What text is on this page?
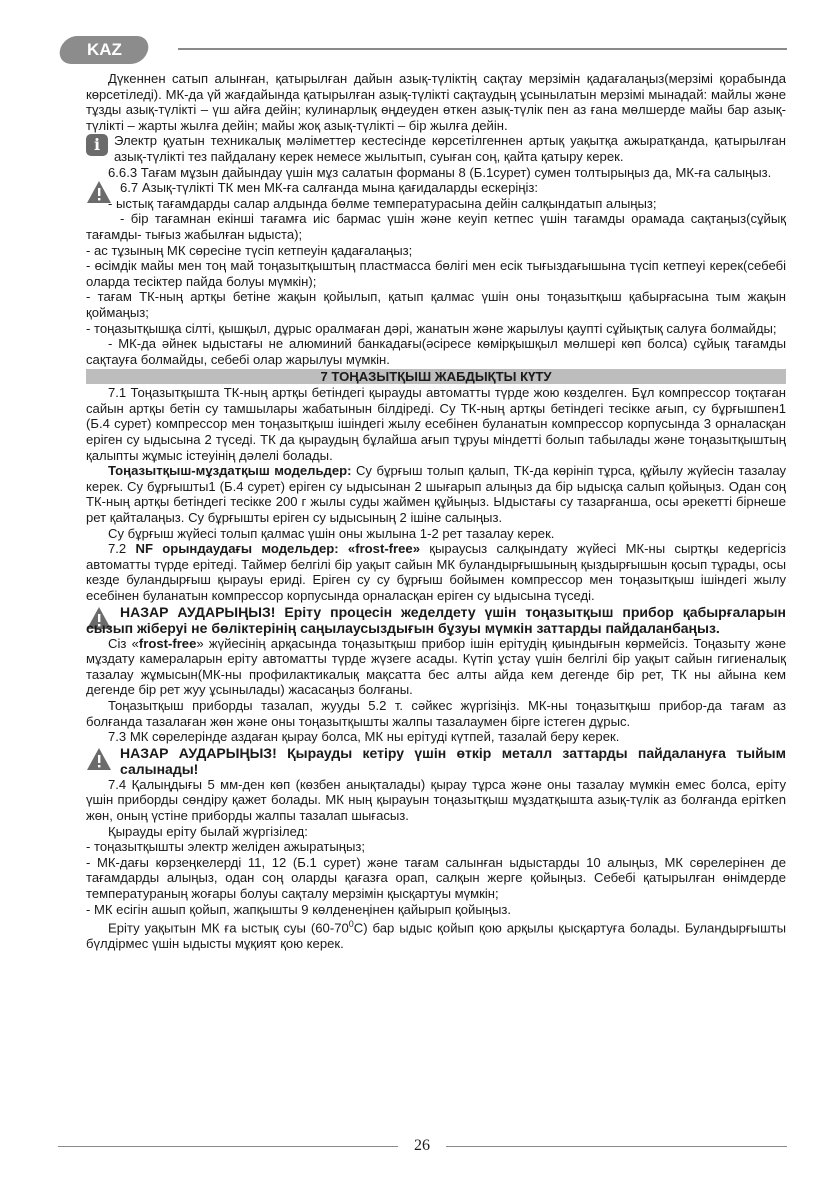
KAZ

Дүкеннен сатып алынған, қатырылған дайын азық-түліктің сақтау мерзімін қадағалаңыз(мерзімі қорабында көрсетіледі). МК-да үй жағдайында қатырылған азық-түлікті сақтаудың ұсынылатын мерзімі мынадай: майлы және тұзды азық-түлікті – үш айға дейін; кулинарлық өңдеуден өткен азық-түлік пен аз ғана мөлшерде майы бар азық-түлікті – жарты жылға дейін; майы жоқ азық-түлікті – бір жылға дейін.

i	Электр қуатын техникалық мәліметтер кестесінде көрсетілгеннен артық уақытқа ажыратқанда, қатырылған азық-түлікті тез пайдалану керек немесе жылытып, суыған соң, қайта қатыру керек.

6.6.3 Тағам мұзын дайындау үшін мұз салатын форманы 8 (Б.1сурет) сумен толтырыңыз да, МК-ға салыңыз.

6.7 Азық-түлікті ТК мен МК-ға салғанда мына қағидаларды ескеріңіз:

- ыстық тағамдарды салар алдында бөлме температурасына дейін салқындатып алыңыз;

- бір тағамнан екінші тағамға иіс бармас үшін және кеуіп кетпес үшін тағамды орамада сақтаңыз(сұйық тағамды- тығыз жабылған ыдыста);

- ас тұзының МК сөресіне түсіп кетпеуін қадағалаңыз;

- өсімдік майы мен тоң май тоңазытқыштың пластмасса бөлігі мен есік тығыздағышына түсіп кетпеуі керек(себебі оларда тесіктер пайда болуы мүмкін);

- тағам ТК-ның артқы бетіне жақын қойылып, қатып қалмас үшін оны тоңазытқыш қабырғасына тым жақын қоймаңыз;

- тоңазытқышқа сілті, қышқыл, дұрыс оралмаған дәрі, жанатын және жарылуы қаупті сұйықтық салуға болмайды;

- МК-да әйнек ыдыстағы не алюминий банкадағы(әсіресе көмірқышқыл мөлшері көп болса) сұйық тағамды сақтауға болмайды, себебі олар жарылуы мүмкін.

7 ТОҢАЗЫТҚЫШ ЖАБДЫҚТЫ КҮТУ

7.1 Тоңазытқышта ТК-ның артқы бетіндегі қырауды автоматты түрде жою көзделген. Бұл компрессор тоқтаған сайын артқы бетін су тамшылары жабатынын білдіреді. Су ТК-ның артқы бетіндегі тесікке ағып, су бұрғышпен1 (Б.4 сурет) компрессор мен тоңазытқыш ішіндегі жылу есебінен буланатын компрессор корпусында 3 орналасқан еріген су ыдысына 2 түседі. ТК да қыраудың бұлайша ағып тұруы міндетті болып табылады және тоңазытқыштың қалыпты жұмыс істеуінің дәлелі болады.

Тоңазытқыш-мұздатқыш модельдер: Су бұрғыш толып қалып, ТК-да көрініп тұрса, құйылу жүйесін тазалау керек. Су бұрғышты1 (Б.4 сурет) еріген су ыдысынан 2 шығарып алыңыз да бір ыдысқа салып қойыңыз. Одан соң ТК-ның артқы бетіндегі тесікке 200 г жылы суды жаймен құйыңыз. Ыдыстағы су тазарғанша, осы әрекетті бірнеше рет қайталаңыз. Су бұрғышты еріген су ыдысының 2 ішіне салыңыз.

Су бұрғыш жүйесі толып қалмас үшін оны жылына 1-2 рет тазалау керек.

7.2 NF орындаудағы модельдер: «frost-free» қыраусыз салқындату жүйесі МК-ны сыртқы кедергісіз автоматты түрде ерітеді. Таймер белгілі бір уақыт сайын МК буландырғышының қыздырғышын қосып тұрады, осы кезде буландырғыш қырауы ериді. Еріген су су бұрғыш бойымен компрессор мен тоңазытқыш ішіндегі жылу есебінен буланатын компрессор корпусында орналасқан еріген су ыдысына түседі.

НАЗАР АУДАРЫҢЫЗ! Еріту процесін жеделдету үшін тоңазытқыш прибор қабырғаларын сызып жіберуі не бөліктерінің саңылаусыздығын бұзуы мүмкін заттарды пайдаланбаңыз.

Сіз «frost-free» жүйесінің арқасында тоңазытқыш прибор ішін ерітудің қиындығын көрмейсіз. Тоңазыту және мұздату камераларын еріту автоматты түрде жүзеге асады. Күтіп ұстау үшін белгілі бір уақыт сайын гигиеналық тазалау жұмысын(МК-ны профилактикалық мақсатта бес алты айда кем дегенде бір рет, ТК ны айына кем дегенде бір рет жуу ұсынылады) жасасаңыз болғаны.

Тоңазытқыш приборды тазалап, жууды 5.2 т. сәйкес жүргізіңіз. МК-ны тоңазытқыш прибор-да тағам аз болғанда тазалаған жөн және оны тоңазытқышты жалпы тазалаумен бірге істеген дұрыс.

7.3 МК сөрелерінде аздаған қырау болса, МК ны ерітуді күтпей, тазалай беру керек.

НАЗАР АУДАРЫҢЫЗ! Қырауды кетіру үшін өткір металл заттарды пайдалануға тыйым салынады!

7.4 Қалыңдығы 5 мм-ден көп (көзбен анықталады) қырау тұрса және оны тазалау мүмкін емес болса, еріту үшін приборды сөндіру қажет болады. МК ның қырауын тоңазытқыш мұздатқышта азық-түлік аз болғанда ерітken жөн, оның үстіне приборды жалпы тазалап шығасыз.

Қырауды еріту былай жүргізілед:

- тоңазытқышты электр желіден ажыратыңыз;

- МК-дағы көрзеңкелерді 11, 12 (Б.1 сурет) және тағам салынған ыдыстарды 10 алыңыз, МК сөрелерінен де тағамдарды алыңыз, одан соң оларды қағазға орап, салқын жерге қойыңыз. Себебі қатырылған өнімдерде температураның жоғары болуы сақталу мерзімін қысқартуы мүмкін;

- МК есігін ашып қойып, жапқышты 9 көлденеңінен қайырып қойыңыз.

Еріту уақытын МК ға ыстық суы $(60-70^0С)$ бар ыдыс қойып қою арқылы қысқартуға болады. Буландырғышты бүлдірмес үшін ыдысты мұқият қою керек.

26
